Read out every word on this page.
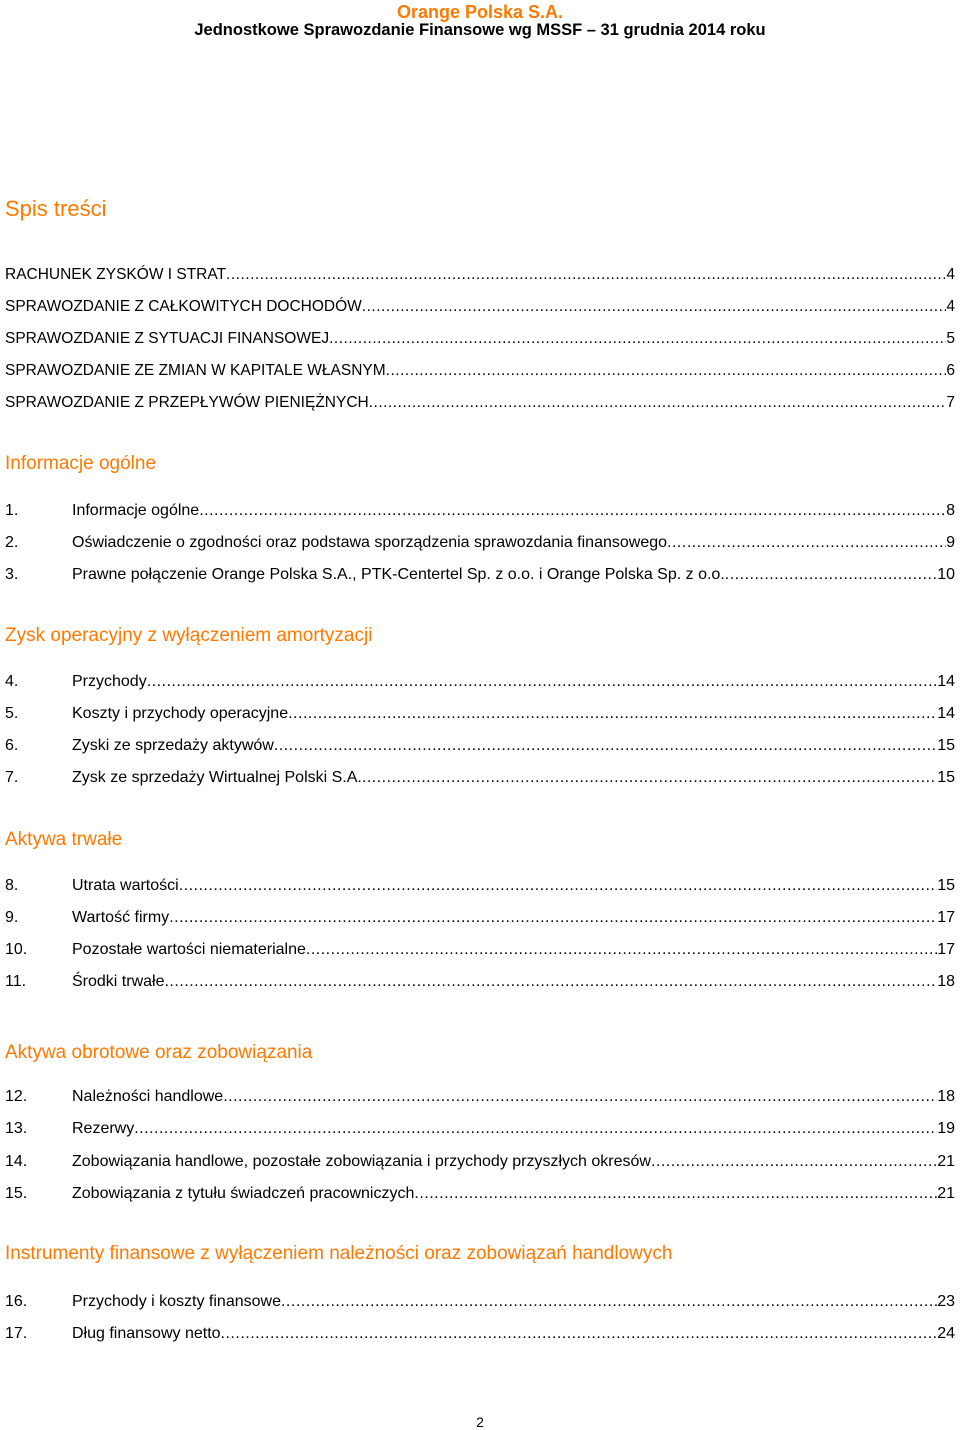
Orange Polska S.A.
Jednostkowe Sprawozdanie Finansowe wg MSSF – 31 grudnia 2014 roku
Spis treści
RACHUNEK ZYSKÓW I STRAT .....	4
SPRAWOZDANIE Z CAŁKOWITYCH DOCHODÓW .....	4
SPRAWOZDANIE Z SYTUACJI FINANSOWEJ .....	5
SPRAWOZDANIE ZE ZMIAN W KAPITALE WŁASNYM .....	6
SPRAWOZDANIE Z PRZEPŁYWÓW PIENIĘŻNYCH .....	7
Informacje ogólne
1.	Informacje ogólne .....	8
2.	Oświadczenie o zgodności oraz podstawa sporządzenia sprawozdania finansowego .....	9
3.	Prawne połączenie Orange Polska S.A., PTK-Centertel Sp. z o.o. i Orange Polska Sp. z o.o. .....	10
Zysk operacyjny z wyłączeniem amortyzacji
4.	Przychody .....	14
5.	Koszty i przychody operacyjne .....	14
6.	Zyski ze sprzedaży aktywów .....	15
7.	Zysk ze sprzedaży Wirtualnej Polski S.A. .....	15
Aktywa trwałe
8.	Utrata wartości .....	15
9.	Wartość firmy .....	17
10.	Pozostałe wartości niematerialne .....	17
11.	Środki trwałe .....	18
Aktywa obrotowe oraz zobowiązania
12.	Należności handlowe .....	18
13.	Rezerwy .....	19
14.	Zobowiązania handlowe, pozostałe zobowiązania i przychody przyszłych okresów .....	21
15.	Zobowiązania z tytułu świadczeń pracowniczych .....	21
Instrumenty finansowe z wyłączeniem należności oraz zobowiązań handlowych
16.	Przychody i koszty finansowe .....	23
17.	Dług finansowy netto .....	24
2
